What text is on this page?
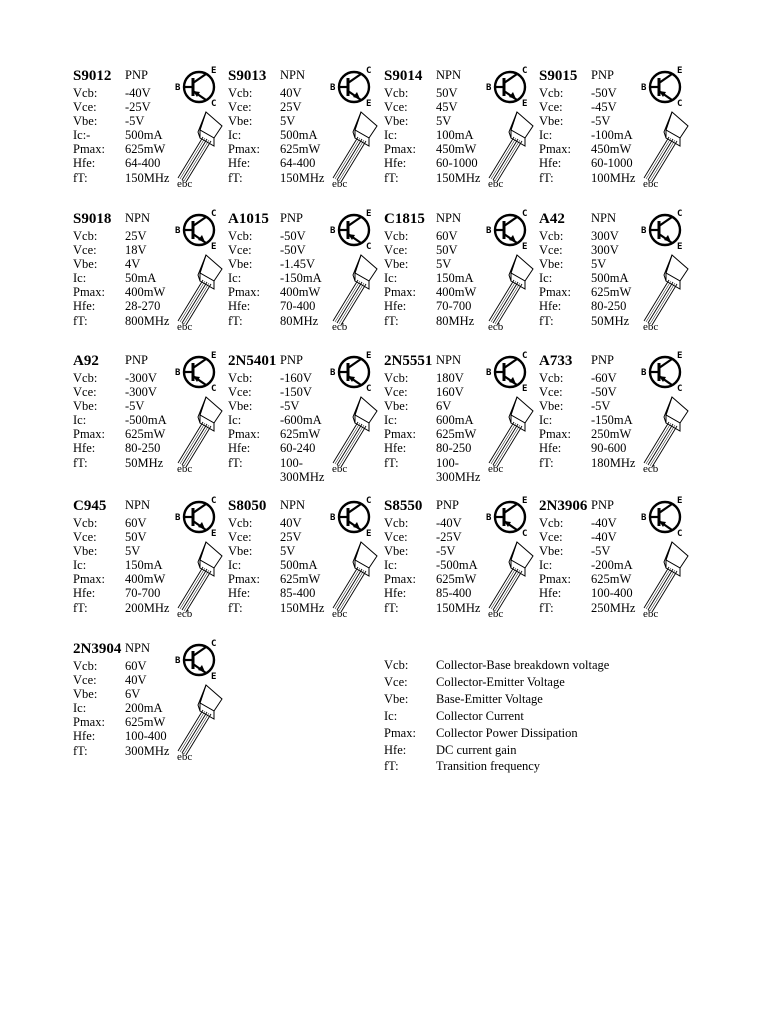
S9012 PNP
Vcb: -40V
Vce: -25V
Vbe: -5V
Ic:-	500mA
Pmax: 625mW
Hfe: 64-400
fT:	150MHz
B
E
C
ebc
S9013 NPN
Vcb: 40V
Vce: 25V
Vbe: 5V
Ic:	500mA
Pmax: 625mW
Hfe: 64-400
fT:	150MHz
B
C
E
ebc
S9014 NPN
Vcb: 50V
Vce: 45V
Vbe: 5V
Ic:	100mA
Pmax: 450mW
Hfe: 60-1000
fT:	150MHz
B
C
E
ebc
S9015 PNP
Vcb: -50V
Vce: -45V
Vbe: -5V
Ic:	-100mA
Pmax: 450mW
Hfe: 60-1000
fT:	100MHz
B
E
C
ebc
S9018 NPN
Vcb: 25V
Vce: 18V
Vbe: 4V
Ic:	50mA
Pmax: 400mW
Hfe: 28-270
fT:	800MHz
B
C
E
ebc
A1015 PNP
Vcb: -50V
Vce: -50V
Vbe: -1.45V
Ic:	-150mA
Pmax: 400mW
Hfe: 70-400
fT:	80MHz
B
E
C
ecb
C1815 NPN
Vcb: 60V
Vce: 50V
Vbe: 5V
Ic:	150mA
Pmax: 400mW
Hfe: 70-700
fT:	80MHz
B
C
E
ecb
A42 NPN
Vcb: 300V
Vce: 300V
Vbe: 5V
Ic:	500mA
Pmax: 625mW
Hfe: 80-250
fT:	50MHz
B
C
E
ebc
A92 PNP
Vcb: -300V
Vce: -300V
Vbe: -5V
Ic:	-500mA
Pmax: 625mW
Hfe: 80-250
fT:	50MHz
B
E
C
ebc
2N5401 PNP
Vcb: -160V
Vce: -150V
Vbe: -5V
Ic:	-600mA
Pmax: 625mW
Hfe: 60-240
fT:	100-
300MHz
B
E
C
ebc
2N5551 NPN
Vcb: 180V
Vce: 160V
Vbe: 6V
Ic:	600mA
Pmax: 625mW
Hfe: 80-250
fT:	100-
300MHz
B
C
E
ebc
A733 PNP
Vcb: -60V
Vce: -50V
Vbe: -5V
Ic:	-150mA
Pmax: 250mW
Hfe: 90-600
fT:	180MHz
B
E
C
ecb
C945 NPN
Vcb: 60V
Vce: 50V
Vbe: 5V
Ic:	150mA
Pmax: 400mW
Hfe: 70-700
fT:	200MHz
B
C
E
ecb
S8050 NPN
Vcb: 40V
Vce: 25V
Vbe: 5V
Ic:	500mA
Pmax: 625mW
Hfe: 85-400
fT:	150MHz
B
C
E
ebc
S8550 PNP
Vcb: -40V
Vce: -25V
Vbe: -5V
Ic:	-500mA
Pmax: 625mW
Hfe: 85-400
fT:	150MHz
B
E
C
ebc
2N3906 PNP
Vcb: -40V
Vce: -40V
Vbe: -5V
Ic:	-200mA
Pmax: 625mW
Hfe: 100-400
fT:	250MHz
B
E
C
ebc
2N3904 NPN
Vcb: 60V
Vce: 40V
Vbe: 6V
Ic:	200mA
Pmax: 625mW
Hfe: 100-400
fT:	300MHz
B
C
E
ebc
Vcb: Collector-Base breakdown voltage
Vce: Collector-Emitter Voltage
Vbe: Base-Emitter Voltage
Ic:	Collector Current
Pmax: Collector Power Dissipation
Hfe: DC current gain
fT:	Transition frequency
